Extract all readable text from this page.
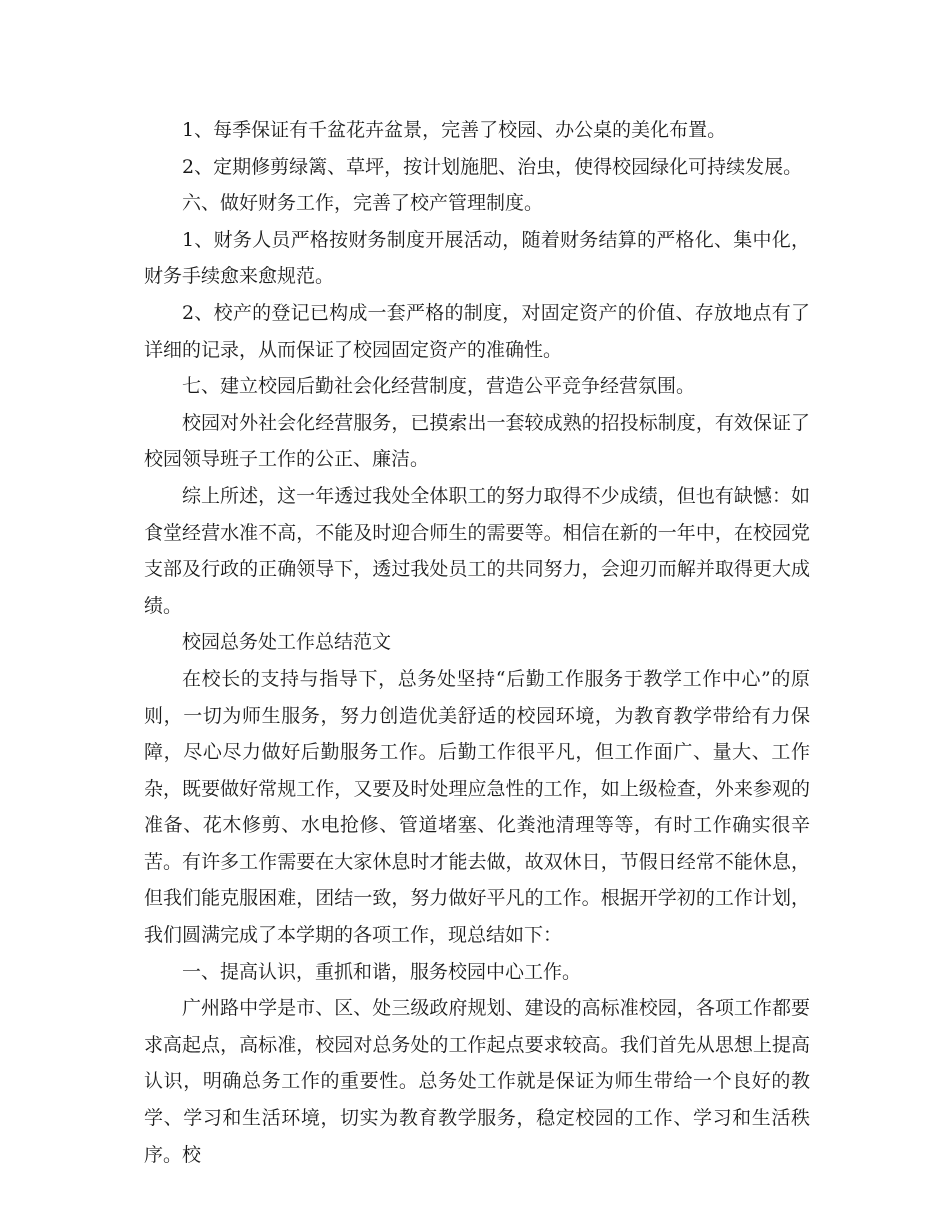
1、每季保证有千盆花卉盆景，完善了校园、办公桌的美化布置。

2、定期修剪绿篱、草坪，按计划施肥、治虫，使得校园绿化可持续发展。

六、做好财务工作，完善了校产管理制度。

1、财务人员严格按财务制度开展活动，随着财务结算的严格化、集中化，财务手续愈来愈规范。

2、校产的登记已构成一套严格的制度，对固定资产的价值、存放地点有了详细的记录，从而保证了校园固定资产的准确性。

七、建立校园后勤社会化经营制度，营造公平竞争经营氛围。

校园对外社会化经营服务，已摸索出一套较成熟的招投标制度，有效保证了校园领导班子工作的公正、廉洁。

综上所述，这一年透过我处全体职工的努力取得不少成绩，但也有缺憾：如食堂经营水准不高，不能及时迎合师生的需要等。相信在新的一年中，在校园党支部及行政的正确领导下，透过我处员工的共同努力，会迎刃而解并取得更大成绩。

校园总务处工作总结范文

在校长的支持与指导下，总务处坚持“后勤工作服务于教学工作中心”的原则，一切为师生服务，努力创造优美舒适的校园环境，为教育教学带给有力保障，尽心尽力做好后勤服务工作。后勤工作很平凡，但工作面广、量大、工作杂，既要做好常规工作，又要及时处理应急性的工作，如上级检查，外来参观的准备、花木修剪、水电抢修、管道堵塞、化粪池清理等等，有时工作确实很辛苦。有许多工作需要在大家休息时才能去做，故双休日，节假日经常不能休息，但我们能克服困难，团结一致，努力做好平凡的工作。根据开学初的工作计划，我们圆满完成了本学期的各项工作，现总结如下：

一、提高认识，重抓和谐，服务校园中心工作。

广州路中学是市、区、处三级政府规划、建设的高标准校园，各项工作都要求高起点，高标准，校园对总务处的工作起点要求较高。我们首先从思想上提高认识，明确总务工作的重要性。总务处工作就是保证为师生带给一个良好的教学、学习和生活环境，切实为教育教学服务，稳定校园的工作、学习和生活秩序。校
